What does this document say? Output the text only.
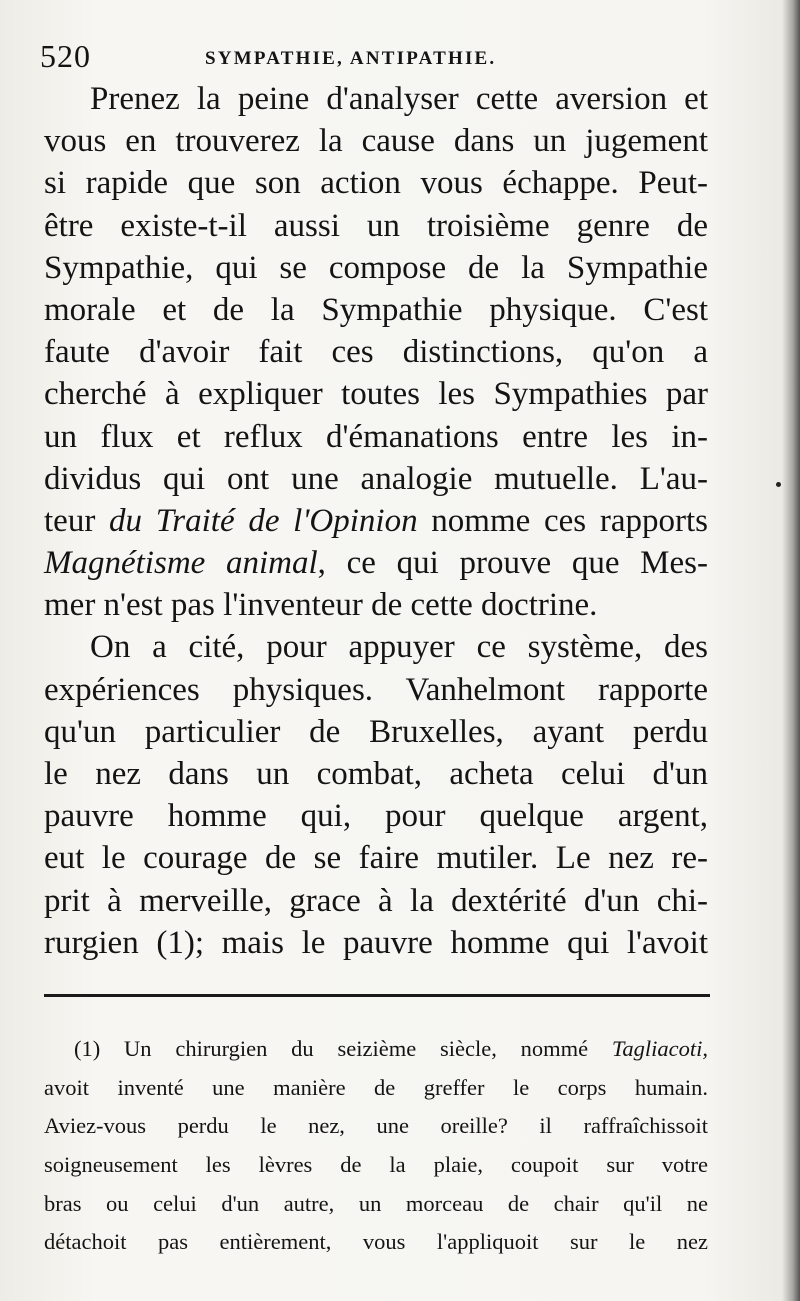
520	SYMPATHIE, ANTIPATHIE.
Prenez la peine d'analyser cette aversion et
vous en trouverez la cause dans un jugement
si rapide que son action vous échappe. Peut-
être existe-t-il aussi un troisième genre de
Sympathie, qui se compose de la Sympathie
morale et de la Sympathie physique. C'est
faute d'avoir fait ces distinctions, qu'on a
cherché à expliquer toutes les Sympathies par
un flux et reflux d'émanations entre les in-
dividus qui ont une analogie mutuelle. L'au-
teur du Traité de l'Opinion nomme ces rapports
Magnétisme animal, ce qui prouve que Mes-
mer n'est pas l'inventeur de cette doctrine.
On a cité, pour appuyer ce système, des
expériences physiques. Vanhelmont rapporte
qu'un particulier de Bruxelles, ayant perdu
le nez dans un combat, acheta celui d'un
pauvre homme qui, pour quelque argent,
eut le courage de se faire mutiler. Le nez re-
prit à merveille, grace à la dextérité d'un chi-
rurgien (1); mais le pauvre homme qui l'avoit
(1) Un chirurgien du seizième siècle, nommé Tagliacoti,
avoit inventé une manière de greffer le corps humain.
Aviez-vous perdu le nez, une oreille? il raffraîchissoit
soigneusement les lèvres de la plaie, coupoit sur votre
bras ou celui d'un autre, un morceau de chair qu'il ne
détachoit pas entièrement, vous l'appliquoit sur le nez
